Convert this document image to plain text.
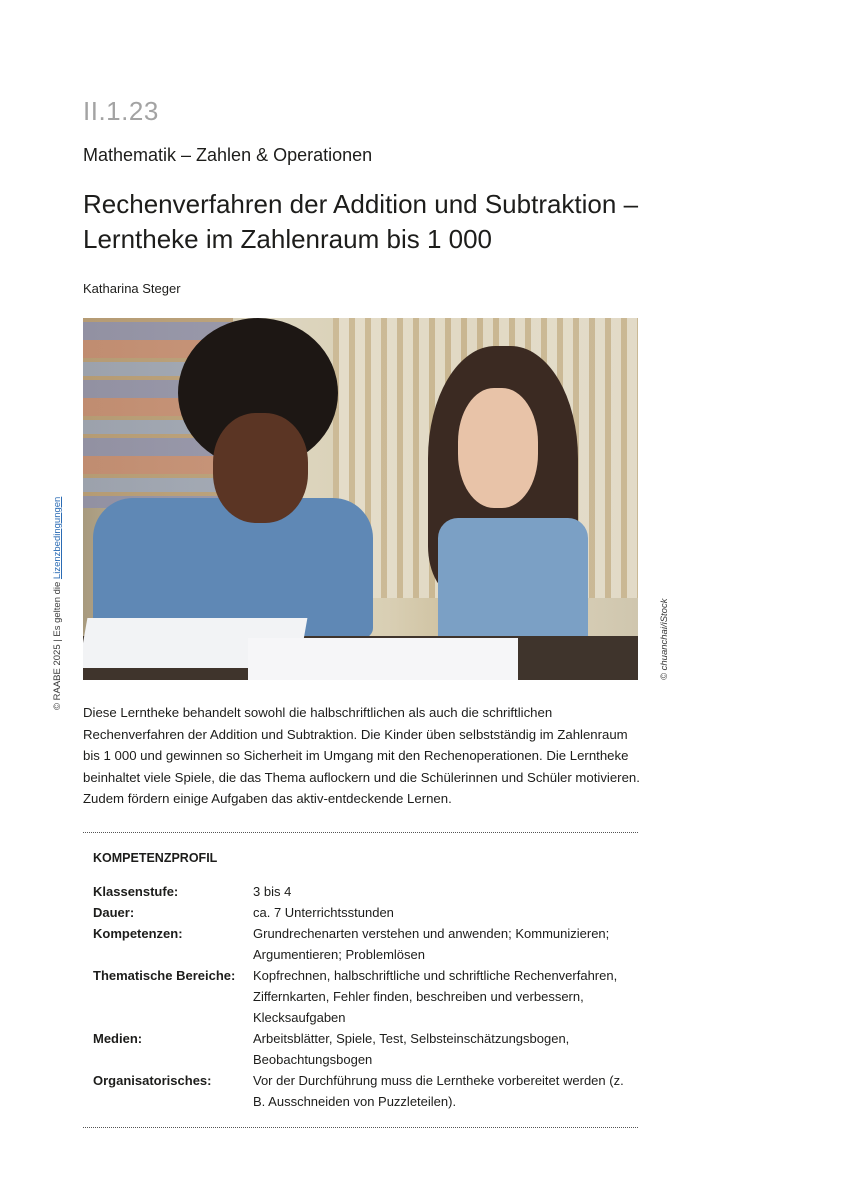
II.1.23
Mathematik – Zahlen & Operationen
Rechenverfahren der Addition und Subtraktion –
Lerntheke im Zahlenraum bis 1 000
Katharina Steger
© chuanchai/iStock
© RAABE 2025 | Es gelten die Lizenzbedingungen
Diese Lerntheke behandelt sowohl die halbschriftlichen als auch die schriftlichen Rechenverfahren der Addition und Subtraktion. Die Kinder üben selbstständig im Zahlenraum bis 1 000 und gewinnen so Sicherheit im Umgang mit den Rechenoperationen. Die Lerntheke beinhaltet viele Spiele, die das Thema auflockern und die Schülerinnen und Schüler motivieren. Zudem fördern einige Aufgaben das aktiv-entdeckende Lernen.
KOMPETENZPROFIL
Klassenstufe:	3 bis 4
Dauer:	ca. 7 Unterrichtsstunden
Kompetenzen:	Grundrechenarten verstehen und anwenden; Kommunizieren; Argumentieren; Problemlösen
Thematische Bereiche:	Kopfrechnen, halbschriftliche und schriftliche Rechenverfahren, Ziffernkarten, Fehler finden, beschreiben und verbessern, Klecksaufgaben
Medien:	Arbeitsblätter, Spiele, Test, Selbsteinschätzungsbogen, Beobachtungsbogen
Organisatorisches:	Vor der Durchführung muss die Lerntheke vorbereitet werden (z. B. Ausschneiden von Puzzleteilen).
